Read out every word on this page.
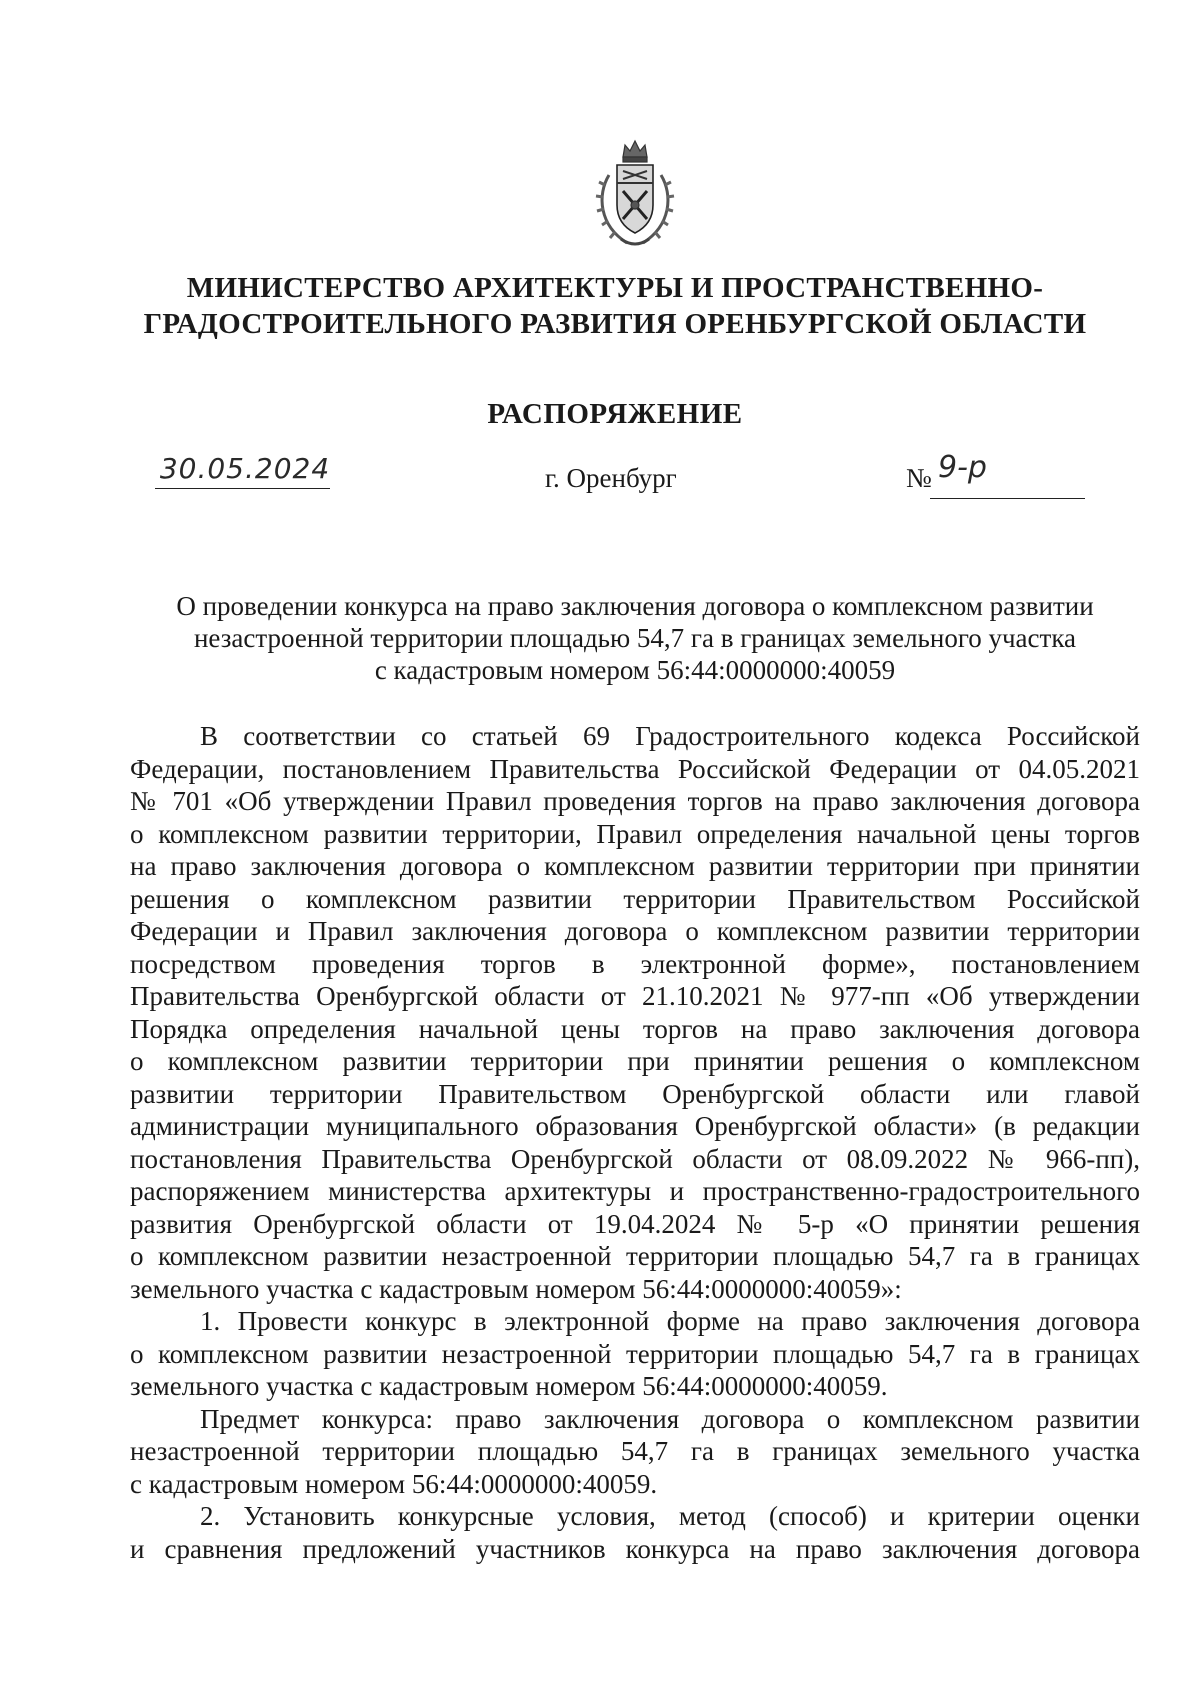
МИНИСТЕРСТВО АРХИТЕКТУРЫ И ПРОСТРАНСТВЕННО-
ГРАДОСТРОИТЕЛЬНОГО РАЗВИТИЯ ОРЕНБУРГСКОЙ ОБЛАСТИ
РАСПОРЯЖЕНИЕ
30.05.2024	г. Оренбург	№ 9-р
О проведении конкурса на право заключения договора о комплексном развитии
незастроенной территории площадью 54,7 га в границах земельного участка
с кадастровым номером 56:44:0000000:40059
В соответствии со статьей 69 Градостроительного кодекса Российской
Федерации, постановлением Правительства Российской Федерации от 04.05.2021
№ 701 «Об утверждении Правил проведения торгов на право заключения договора
о комплексном развитии территории, Правил определения начальной цены торгов
на право заключения договора о комплексном развитии территории при принятии
решения о комплексном развитии территории Правительством Российской
Федерации и Правил заключения договора о комплексном развитии территории
посредством проведения торгов в электронной форме», постановлением
Правительства Оренбургской области от 21.10.2021 № 977-пп «Об утверждении
Порядка определения начальной цены торгов на право заключения договора
о комплексном развитии территории при принятии решения о комплексном
развитии территории Правительством Оренбургской области или главой
администрации муниципального образования Оренбургской области» (в редакции
постановления Правительства Оренбургской области от 08.09.2022 № 966-пп),
распоряжением министерства архитектуры и пространственно-градостроительного
развития Оренбургской области от 19.04.2024 № 5-р «О принятии решения
о комплексном развитии незастроенной территории площадью 54,7 га в границах
земельного участка с кадастровым номером 56:44:0000000:40059»:
1. Провести конкурс в электронной форме на право заключения договора
о комплексном развитии незастроенной территории площадью 54,7 га в границах
земельного участка с кадастровым номером 56:44:0000000:40059.
Предмет конкурса: право заключения договора о комплексном развитии
незастроенной территории площадью 54,7 га в границах земельного участка
с кадастровым номером 56:44:0000000:40059.
2. Установить конкурсные условия, метод (способ) и критерии оценки
и сравнения предложений участников конкурса на право заключения договора
